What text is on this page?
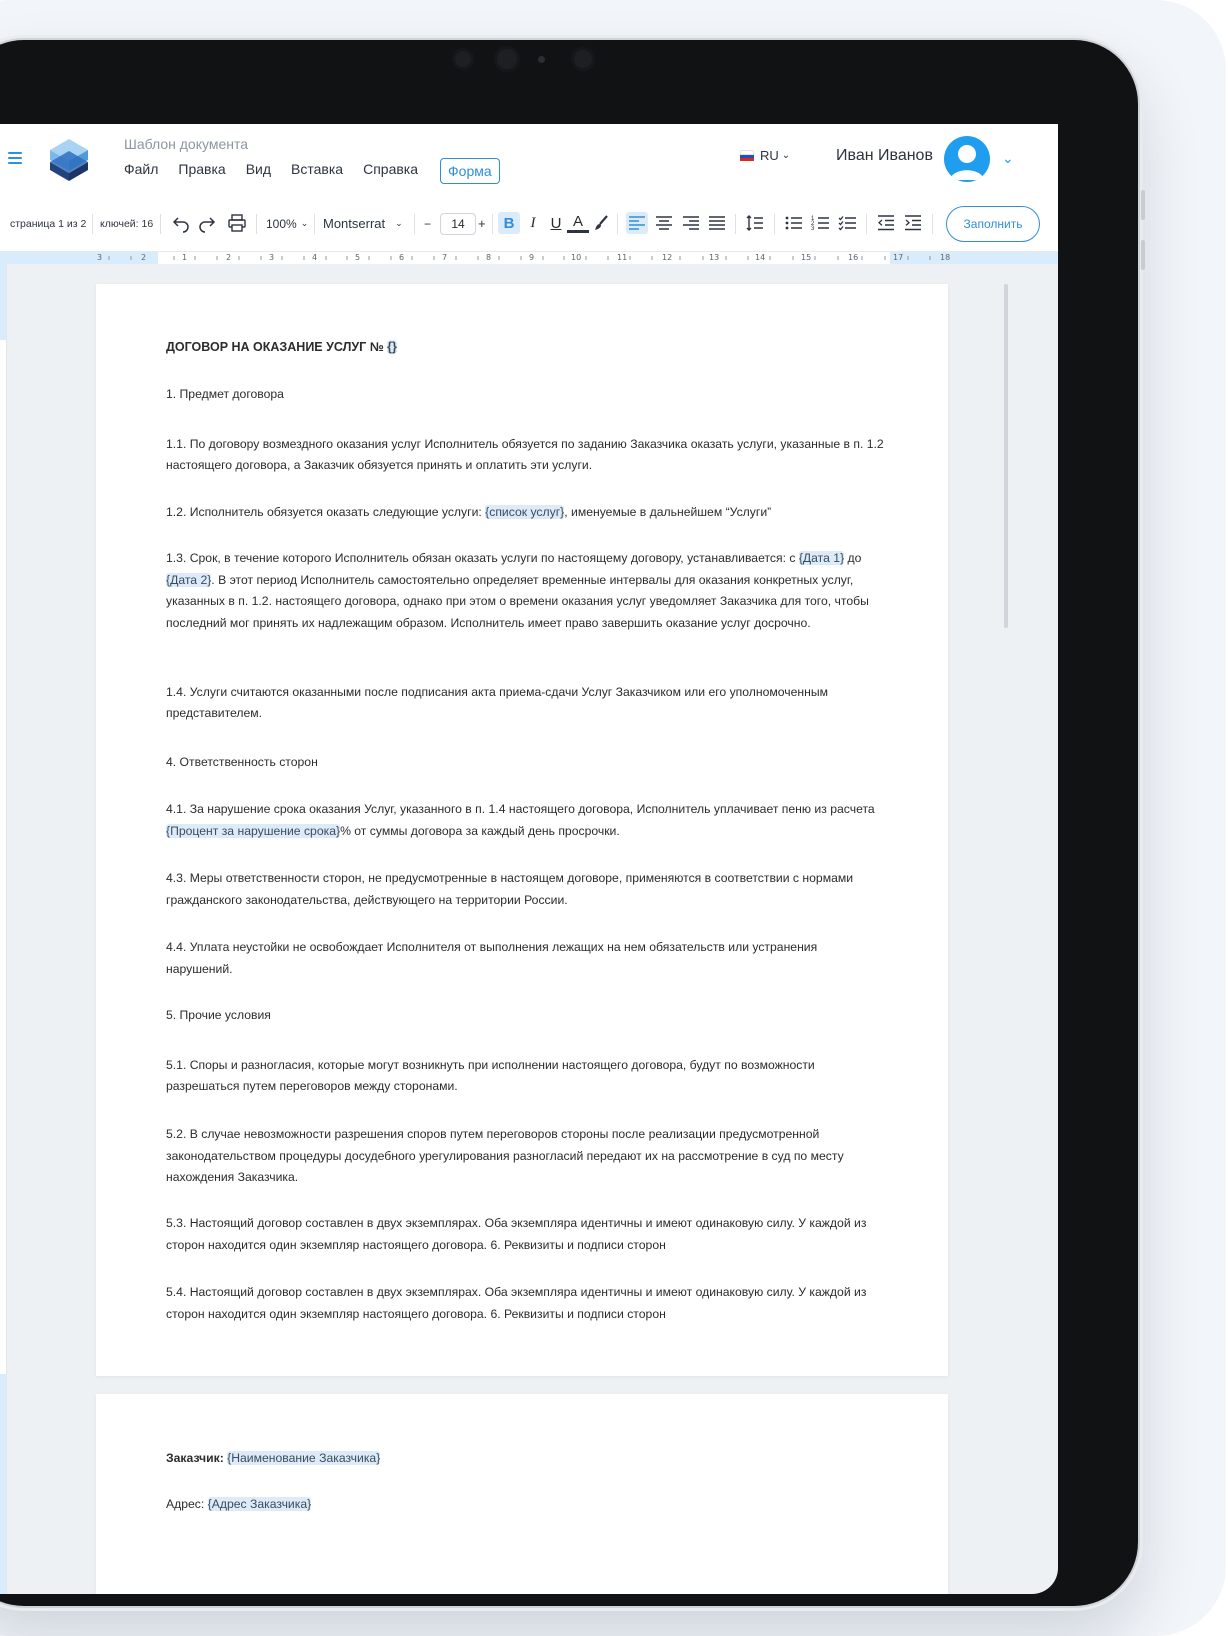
Шаблон документа
Файл Правка Вид Вставка Справка	Форма
RU ⌄	Иван Иванов	⌄
страница 1 из 2 ключей: 16	100% ⌄ Montserrat ⌄ −	14	+	B	I	U A	1
2
3	Заполнить
3	2	1	2	3	4	5	6	7	8	9	10	11	12	13	14	15	16	17	18

ДОГОВОР НА ОКАЗАНИЕ УСЛУГ № {}

1. Предмет договора

1.1. По договору возмездного оказания услуг Исполнитель обязуется по заданию Заказчика оказать услуги, указанные в п. 1.2 настоящего договора, а Заказчик обязуется принять и оплатить эти услуги.

1.2. Исполнитель обязуется оказать следующие услуги: {список услуг}, именуемые в дальнейшем “Услуги”

1.3. Срок, в течение которого Исполнитель обязан оказать услуги по настоящему договору, устанавливается: с {Дата 1} до {Дата 2}. В этот период Исполнитель самостоятельно определяет временные интервалы для оказания конкретных услуг, указанных в п. 1.2. настоящего договора, однако при этом о времени оказания услуг уведомляет Заказчика для того, чтобы последний мог принять их надлежащим образом. Исполнитель имеет право завершить оказание услуг досрочно.

1.4. Услуги считаются оказанными после подписания акта приема-сдачи Услуг Заказчиком или его уполномоченным представителем.

4. Ответственность сторон

4.1. За нарушение срока оказания Услуг, указанного в п. 1.4 настоящего договора, Исполнитель уплачивает пеню из расчета {Процент за нарушение срока}% от суммы договора за каждый день просрочки.

4.3. Меры ответственности сторон, не предусмотренные в настоящем договоре, применяются в соответствии с нормами гражданского законодательства, действующего на территории России.

4.4. Уплата неустойки не освобождает Исполнителя от выполнения лежащих на нем обязательств или устранения нарушений.

5. Прочие условия

5.1. Споры и разногласия, которые могут возникнуть при исполнении настоящего договора, будут по возможности разрешаться путем переговоров между сторонами.

5.2. В случае невозможности разрешения споров путем переговоров стороны после реализации предусмотренной законодательством процедуры досудебного урегулирования разногласий передают их на рассмотрение в суд по месту нахождения Заказчика.

5.3. Настоящий договор составлен в двух экземплярах. Оба экземпляра идентичны и имеют одинаковую силу. У каждой из сторон находится один экземпляр настоящего договора. 6. Реквизиты и подписи сторон

5.4. Настоящий договор составлен в двух экземплярах. Оба экземпляра идентичны и имеют одинаковую силу. У каждой из сторон находится один экземпляр настоящего договора. 6. Реквизиты и подписи сторон

Заказчик: {Наименование Заказчика}

Адрес: {Адрес Заказчика}
